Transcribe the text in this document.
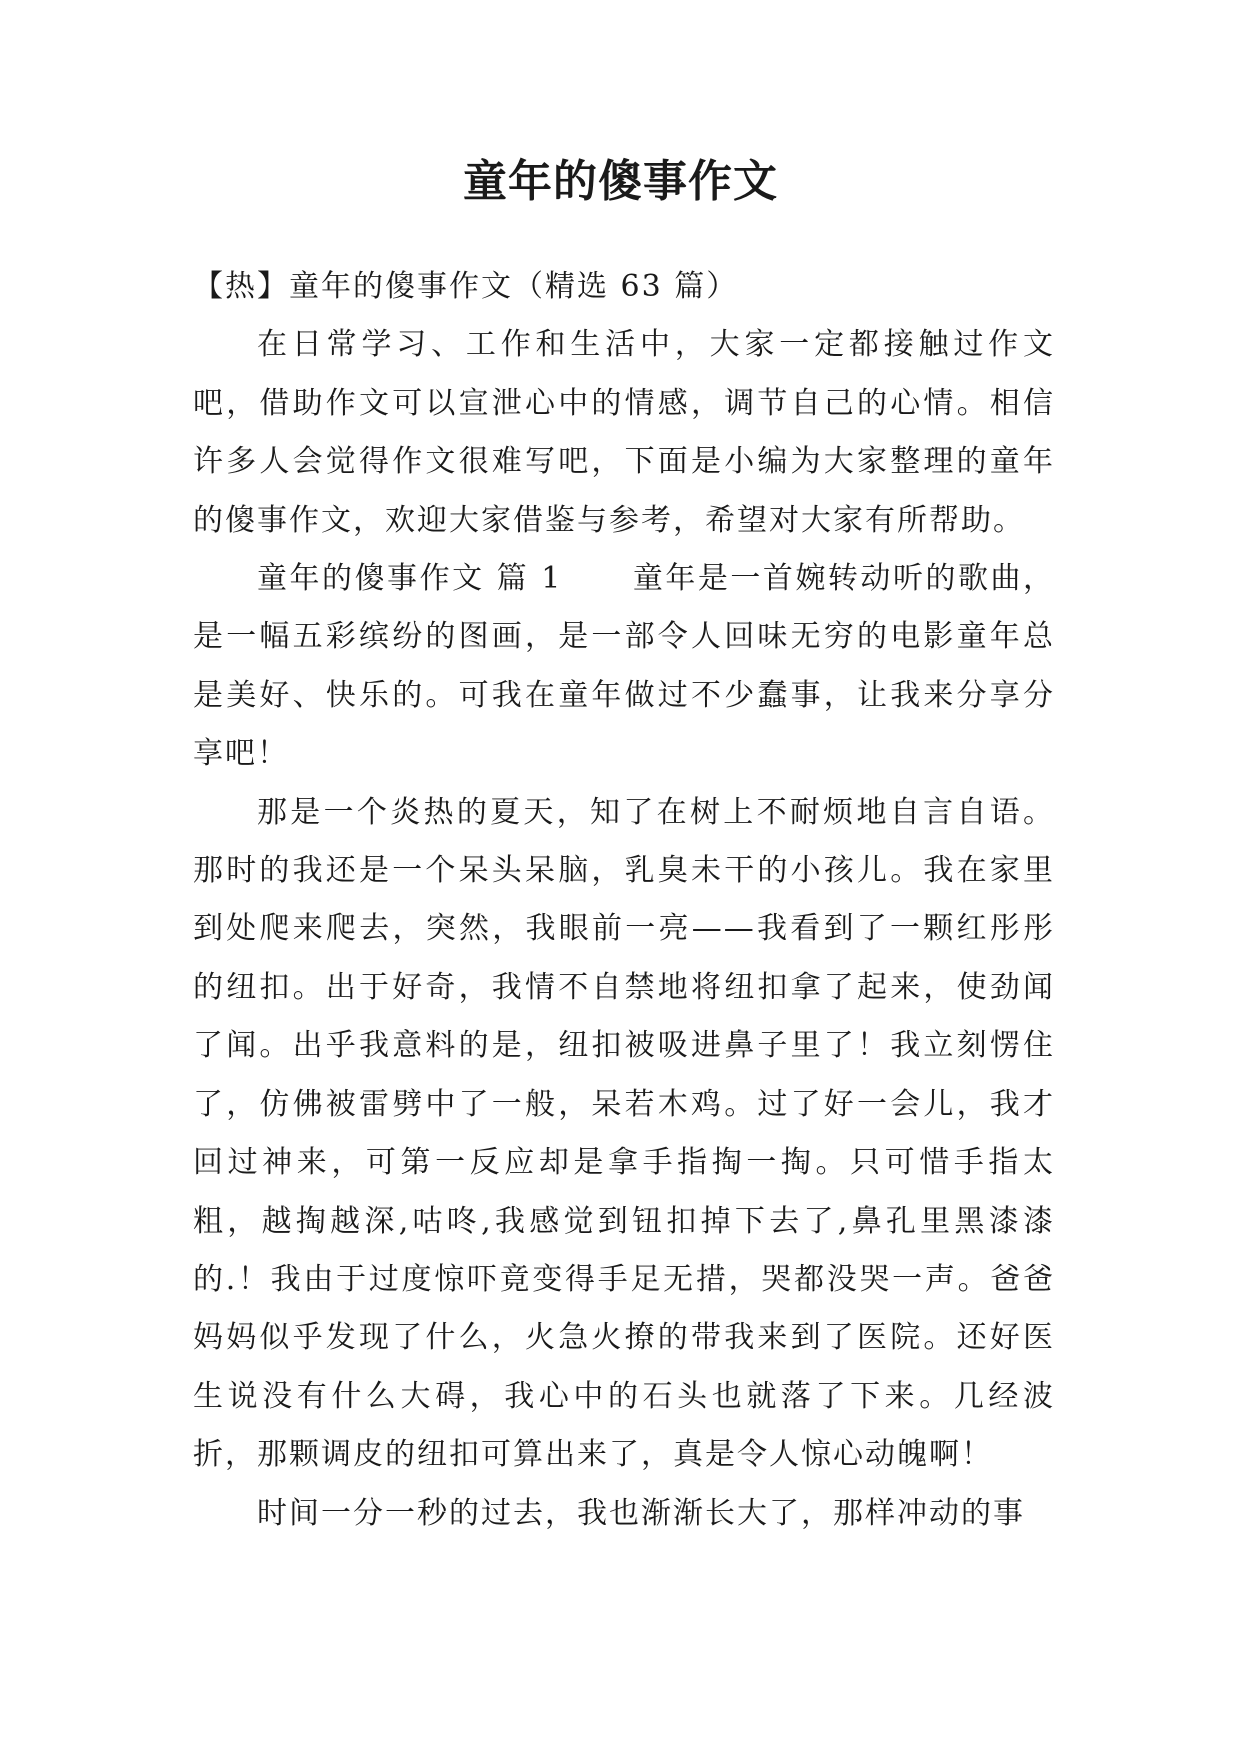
童年的傻事作文

【热】童年的傻事作文（精选 63 篇）

在日常学习、工作和生活中，大家一定都接触过作文吧，借助作文可以宣泄心中的情感，调节自己的心情。相信许多人会觉得作文很难写吧，下面是小编为大家整理的童年的傻事作文，欢迎大家借鉴与参考，希望对大家有所帮助。

童年的傻事作文 篇 1 童年是一首婉转动听的歌曲，是一幅五彩缤纷的图画，是一部令人回味无穷的电影童年总是美好、快乐的。可我在童年做过不少蠢事，让我来分享分享吧！

那是一个炎热的夏天，知了在树上不耐烦地自言自语。那时的我还是一个呆头呆脑，乳臭未干的小孩儿。我在家里到处爬来爬去，突然，我眼前一亮——我看到了一颗红彤彤的纽扣。出于好奇，我情不自禁地将纽扣拿了起来，使劲闻了闻。出乎我意料的是，纽扣被吸进鼻子里了！我立刻愣住了，仿佛被雷劈中了一般，呆若木鸡。过了好一会儿，我才回过神来，可第一反应却是拿手指掏一掏。只可惜手指太粗，越掏越深,咕咚,我感觉到钮扣掉下去了,鼻孔里黑漆漆的.！我由于过度惊吓竟变得手足无措，哭都没哭一声。爸爸妈妈似乎发现了什么，火急火撩的带我来到了医院。还好医生说没有什么大碍，我心中的石头也就落了下来。几经波折，那颗调皮的纽扣可算出来了，真是令人惊心动魄啊！

时间一分一秒的过去，我也渐渐长大了，那样冲动的事
